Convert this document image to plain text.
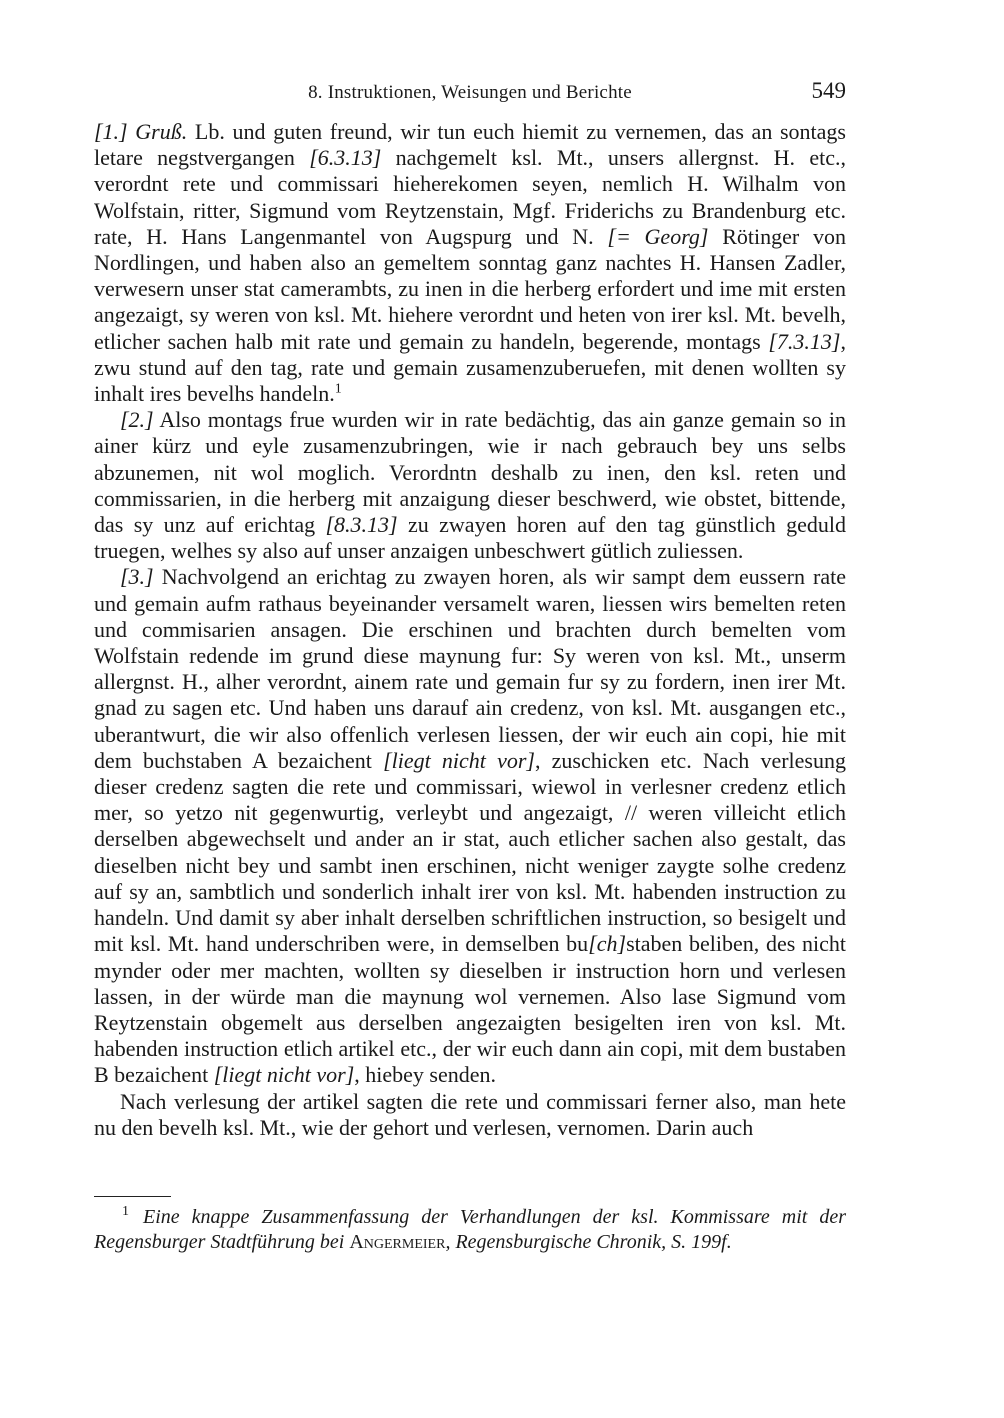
8. Instruktionen, Weisungen und Berichte	549

[1.] Gruß. Lb. und guten freund, wir tun euch hiemit zu vernemen, das an sontags letare negstvergangen [6.3.13] nachgemelt ksl. Mt., unsers allergnst. H. etc., verordnt rete und commissari hieherekomen seyen, nemlich H. Wilhalm von Wolfstain, ritter, Sigmund vom Reytzenstain, Mgf. Friderichs zu Brandenburg etc. rate, H. Hans Langenmantel von Augspurg und N. [= Georg] Rötinger von Nordlingen, und haben also an gemeltem sonntag ganz nachtes H. Hansen Zadler, verwesern unser stat camerambts, zu inen in die herberg erfordert und ime mit ersten angezaigt, sy weren von ksl. Mt. hiehere verordnt und heten von irer ksl. Mt. bevelh, etlicher sachen halb mit rate und gemain zu handeln, begerende, montags [7.3.13], zwu stund auf den tag, rate und gemain zusamenzuberuefen, mit denen wollten sy inhalt ires bevelhs handeln.$^1$

[2.] Also montags frue wurden wir in rate bedächtig, das ain ganze gemain so in ainer kürz und eyle zusamenzubringen, wie ir nach gebrauch bey uns selbs abzunemen, nit wol moglich. Verordntn deshalb zu inen, den ksl. reten und commissarien, in die herberg mit anzaigung dieser beschwerd, wie obstet, bittende, das sy unz auf erichtag [8.3.13] zu zwayen horen auf den tag günstlich geduld truegen, welhes sy also auf unser anzaigen unbeschwert gütlich zuliessen.

[3.] Nachvolgend an erichtag zu zwayen horen, als wir sampt dem eussern rate und gemain aufm rathaus beyeinander versamelt waren, liessen wirs bemelten reten und commisarien ansagen. Die erschinen und brachten durch bemelten vom Wolfstain redende im grund diese maynung fur: Sy weren von ksl. Mt., unserm allergnst. H., alher verordnt, ainem rate und gemain fur sy zu fordern, inen irer Mt. gnad zu sagen etc. Und haben uns darauf ain credenz, von ksl. Mt. ausgangen etc., uberantwurt, die wir also offenlich verlesen liessen, der wir euch ain copi, hie mit dem buchstaben A bezaichent [liegt nicht vor], zuschicken etc. Nach verlesung dieser credenz sagten die rete und commissari, wiewol in verlesner credenz etlich mer, so yetzo nit gegenwurtig, verleybt und angezaigt, // weren villeicht etlich derselben abgewechselt und ander an ir stat, auch etlicher sachen also gestalt, das dieselben nicht bey und sambt inen erschinen, nicht weniger zaygte solhe credenz auf sy an, sambtlich und sonderlich inhalt irer von ksl. Mt. habenden instruction zu handeln. Und damit sy aber inhalt derselben schriftlichen instruction, so besigelt und mit ksl. Mt. hand underschriben were, in demselben bu[ch]staben beliben, des nicht mynder oder mer machten, wollten sy dieselben ir instruction horn und verlesen lassen, in der würde man die maynung wol vernemen. Also lase Sigmund vom Reytzenstain obgemelt aus derselben angezaigten besigelten iren von ksl. Mt. habenden instruction etlich artikel etc., der wir euch dann ain copi, mit dem bustaben B bezaichent [liegt nicht vor], hiebey senden.

Nach verlesung der artikel sagten die rete und commissari ferner also, man hete nu den bevelh ksl. Mt., wie der gehort und verlesen, vernomen. Darin auch

$^1$ Eine knappe Zusammenfassung der Verhandlungen der ksl. Kommissare mit der Regensburger Stadtführung bei Angermeier, Regensburgische Chronik, S. 199f.
